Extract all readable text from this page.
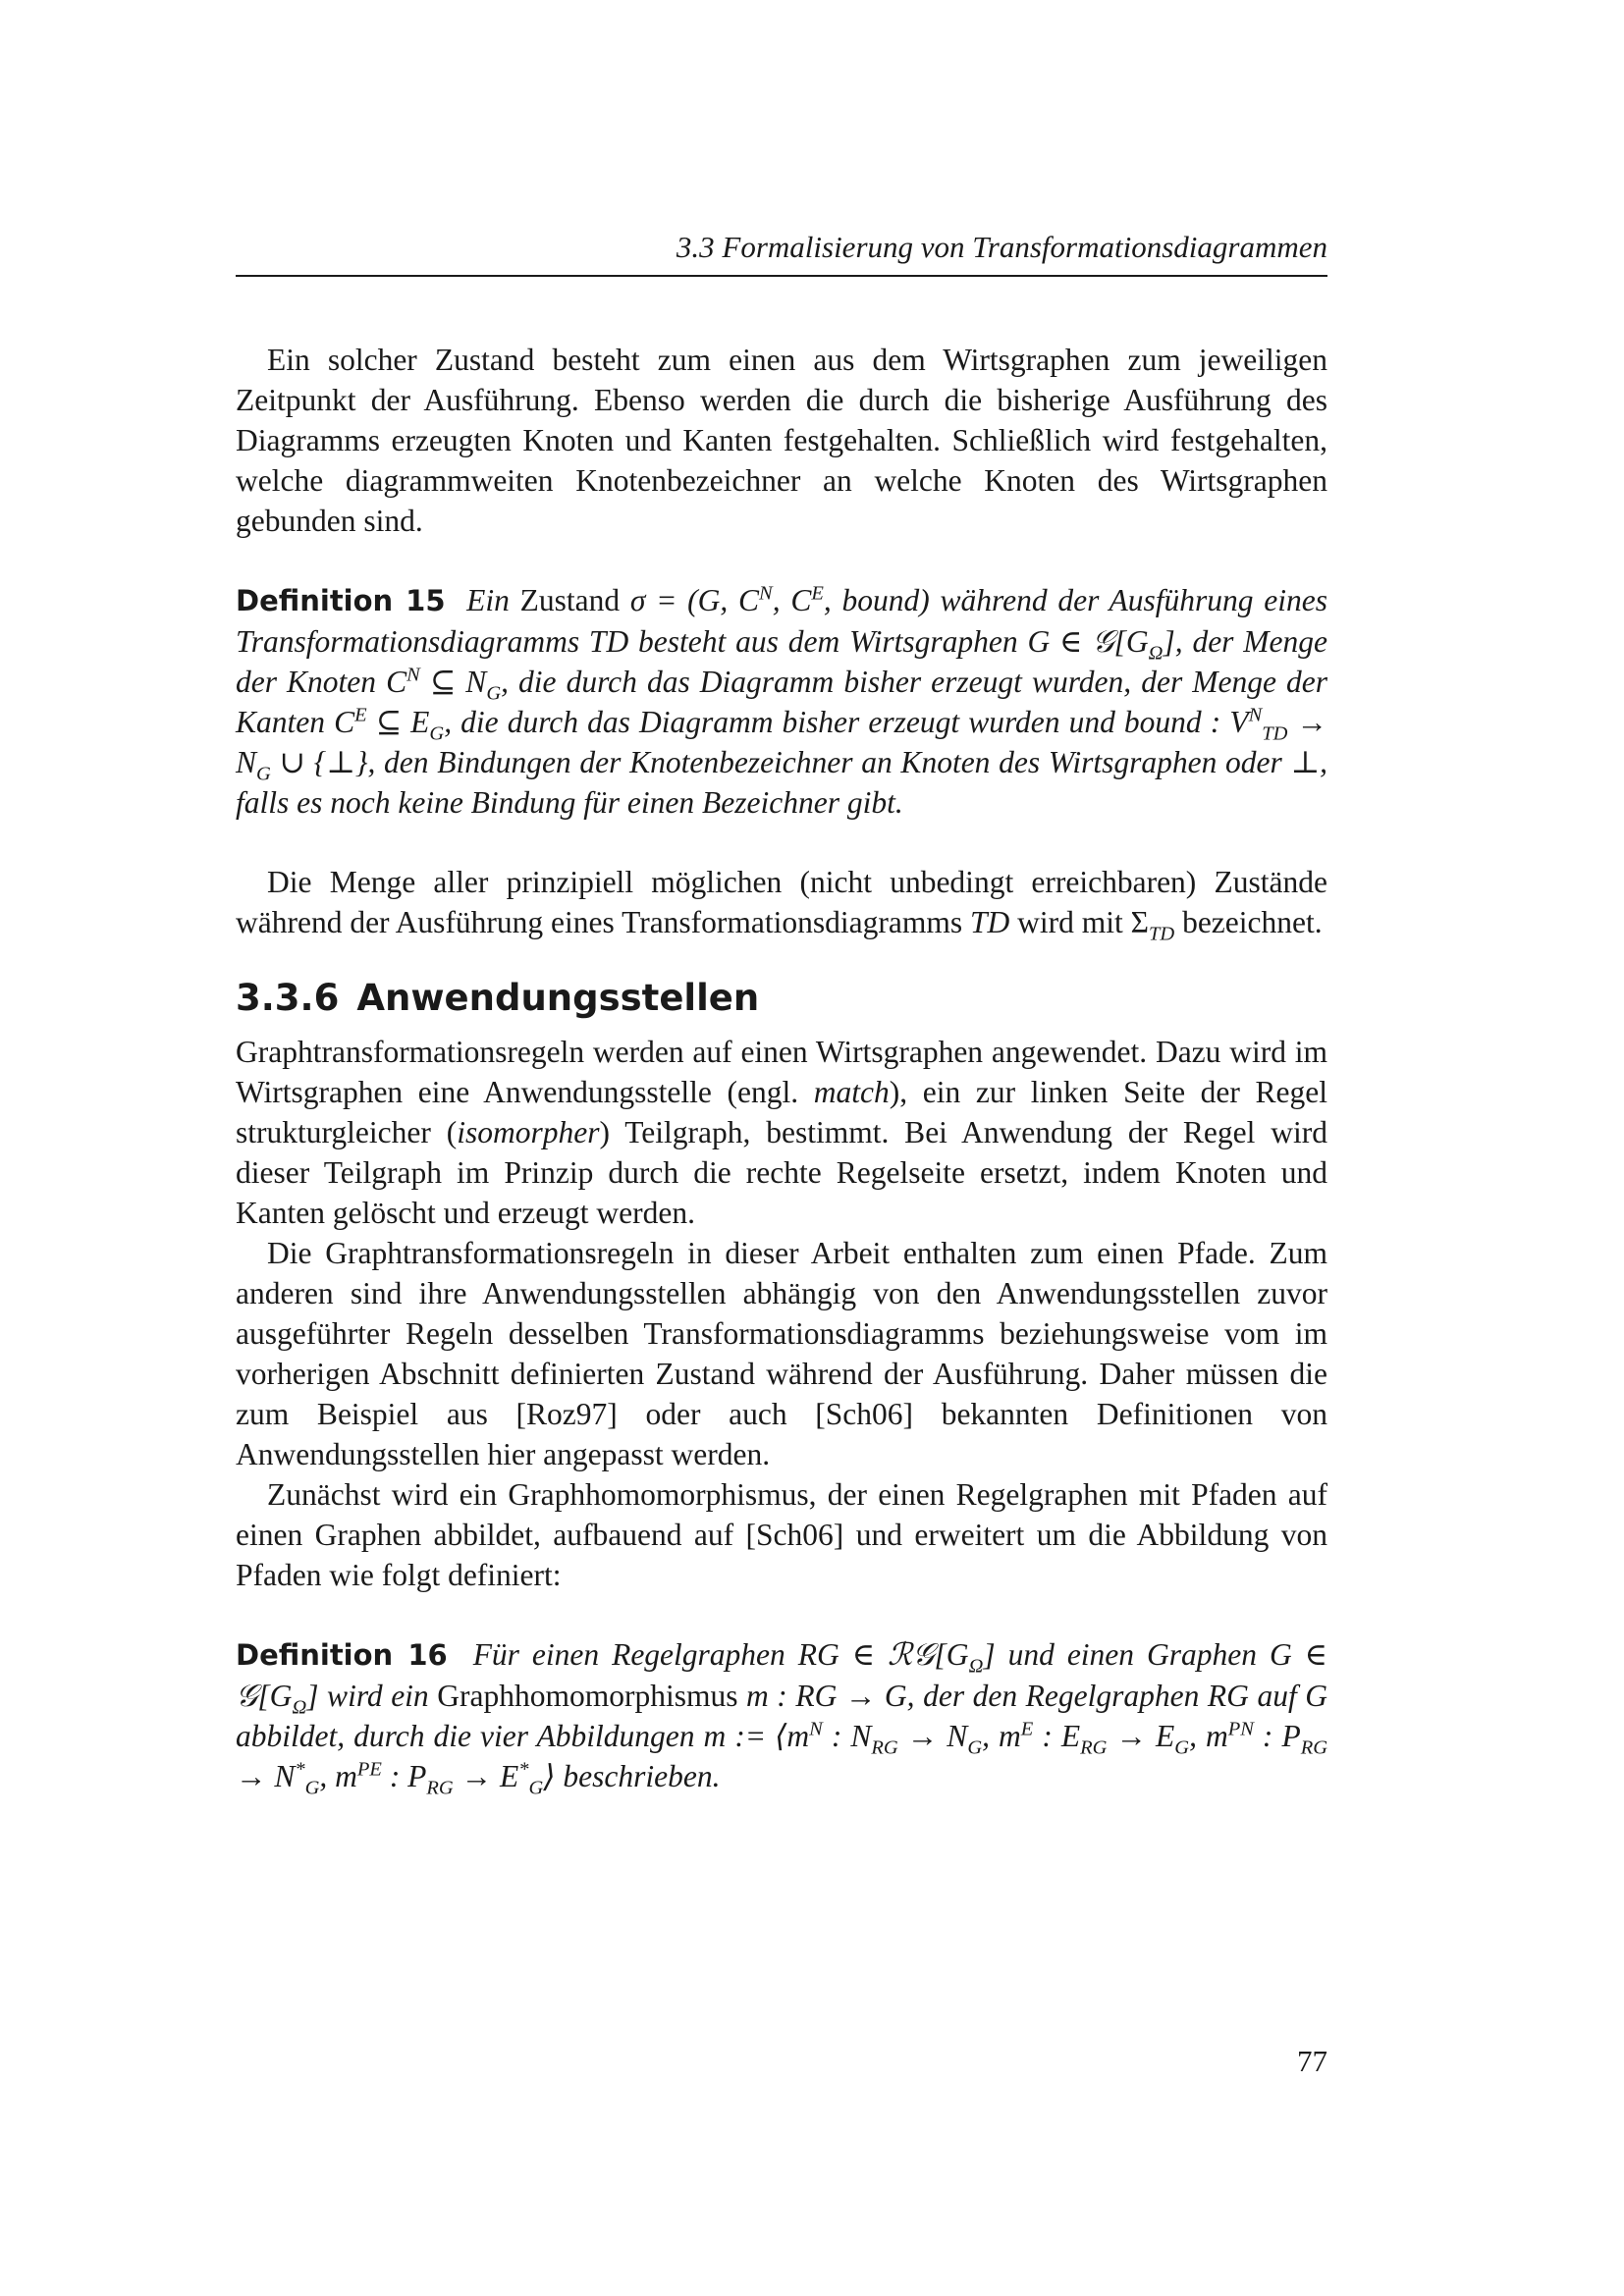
3.3 Formalisierung von Transformationsdiagrammen

Ein solcher Zustand besteht zum einen aus dem Wirtsgraphen zum jeweiligen Zeitpunkt der Ausführung. Ebenso werden die durch die bisherige Ausführung des Diagramms erzeugten Knoten und Kanten festgehalten. Schließlich wird festgehalten, welche diagrammweiten Knotenbezeichner an welche Knoten des Wirtsgraphen gebunden sind.

Definition 15 Ein Zustand σ = (G, $C^N$, $C^E$, bound) während der Ausführung eines Transformationsdiagramms TD besteht aus dem Wirtsgraphen G ∈ $𝒢[G_\Omega]$, der Menge der Knoten $C^N$ ⊆ $N_G$, die durch das Diagramm bisher erzeugt wurden, der Menge der Kanten $C^E$ ⊆ $E_G$, die durch das Diagramm bisher erzeugt wurden und bound : $V^N_{TD} \to N_G$ ∪ {⊥}, den Bindungen der Knotenbezeichner an Knoten des Wirtsgraphen oder ⊥, falls es noch keine Bindung für einen Bezeichner gibt.

Die Menge aller prinzipiell möglichen (nicht unbedingt erreichbaren) Zustände während der Ausführung eines Transformationsdiagramms TD wird mit $\Sigma_{TD}$ bezeichnet.

3.3.6 Anwendungsstellen

Graphtransformationsregeln werden auf einen Wirtsgraphen angewendet. Dazu wird im Wirtsgraphen eine Anwendungsstelle (engl. match), ein zur linken Seite der Regel strukturgleicher (isomorpher) Teilgraph, bestimmt. Bei Anwendung der Regel wird dieser Teilgraph im Prinzip durch die rechte Regelseite ersetzt, indem Knoten und Kanten gelöscht und erzeugt werden.

Die Graphtransformationsregeln in dieser Arbeit enthalten zum einen Pfade. Zum anderen sind ihre Anwendungsstellen abhängig von den Anwendungsstellen zuvor ausgeführter Regeln desselben Transformationsdiagramms beziehungsweise vom im vorherigen Abschnitt definierten Zustand während der Ausführung. Daher müssen die zum Beispiel aus [Roz97] oder auch [Sch06] bekannten Definitionen von Anwendungsstellen hier angepasst werden.

Zunächst wird ein Graphhomomorphismus, der einen Regelgraphen mit Pfaden auf einen Graphen abbildet, aufbauend auf [Sch06] und erweitert um die Abbildung von Pfaden wie folgt definiert:

Definition 16 Für einen Regelgraphen RG ∈ $ℛ𝒢[G_\Omega]$ und einen Graphen G ∈ $𝒢[G_\Omega]$ wird ein Graphhomomorphismus m : RG → G, der den Regelgraphen RG auf G abbildet, durch die vier Abbildungen m := $⟨m^N$ : $N_{RG} \to N_G$, $m^E$ : $E_{RG} \to E_G$, $m^{PN}$ : $P_{RG} \to N^*_G$, $m^{PE}$ : $P_{RG}$ → $E^*_G⟩$ beschrieben.

77
